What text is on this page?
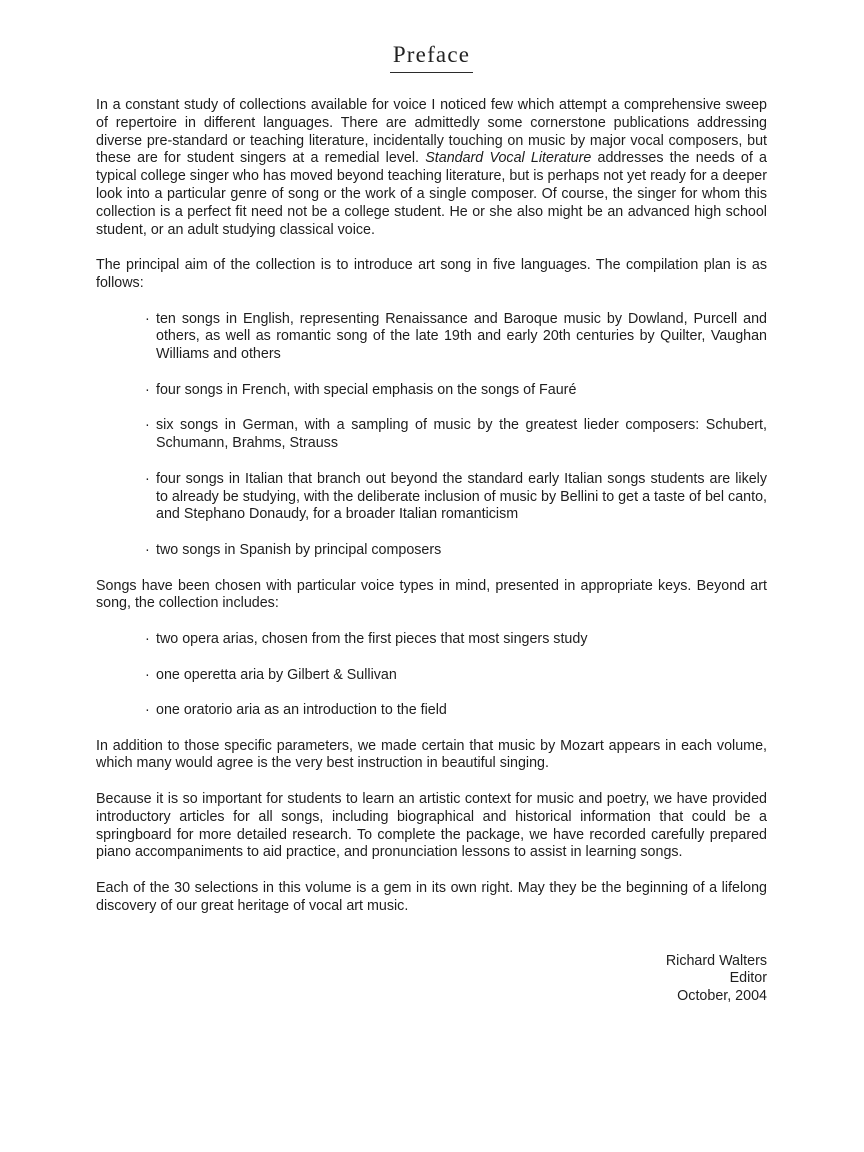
Preface

In a constant study of collections available for voice I noticed few which attempt a comprehensive sweep of repertoire in different languages. There are admittedly some cornerstone publications addressing diverse pre-standard or teaching literature, incidentally touching on music by major vocal composers, but these are for student singers at a remedial level. Standard Vocal Literature addresses the needs of a typical college singer who has moved beyond teaching literature, but is perhaps not yet ready for a deeper look into a particular genre of song or the work of a single composer. Of course, the singer for whom this collection is a perfect fit need not be a college student. He or she also might be an advanced high school student, or an adult studying classical voice.

The principal aim of the collection is to introduce art song in five languages. The compilation plan is as follows:

· ten songs in English, representing Renaissance and Baroque music by Dowland, Purcell and others, as well as romantic song of the late 19th and early 20th centuries by Quilter, Vaughan Williams and others
· four songs in French, with special emphasis on the songs of Fauré
· six songs in German, with a sampling of music by the greatest lieder composers: Schubert, Schumann, Brahms, Strauss
· four songs in Italian that branch out beyond the standard early Italian songs students are likely to already be studying, with the deliberate inclusion of music by Bellini to get a taste of bel canto, and Stephano Donaudy, for a broader Italian romanticism
· two songs in Spanish by principal composers

Songs have been chosen with particular voice types in mind, presented in appropriate keys. Beyond art song, the collection includes:

· two opera arias, chosen from the first pieces that most singers study
· one operetta aria by Gilbert & Sullivan
· one oratorio aria as an introduction to the field

In addition to those specific parameters, we made certain that music by Mozart appears in each volume, which many would agree is the very best instruction in beautiful singing.

Because it is so important for students to learn an artistic context for music and poetry, we have provided introductory articles for all songs, including biographical and historical information that could be a springboard for more detailed research. To complete the package, we have recorded carefully prepared piano accompaniments to aid practice, and pronunciation lessons to assist in learning songs.

Each of the 30 selections in this volume is a gem in its own right. May they be the beginning of a lifelong discovery of our great heritage of vocal art music.

Richard Walters
Editor
October, 2004
